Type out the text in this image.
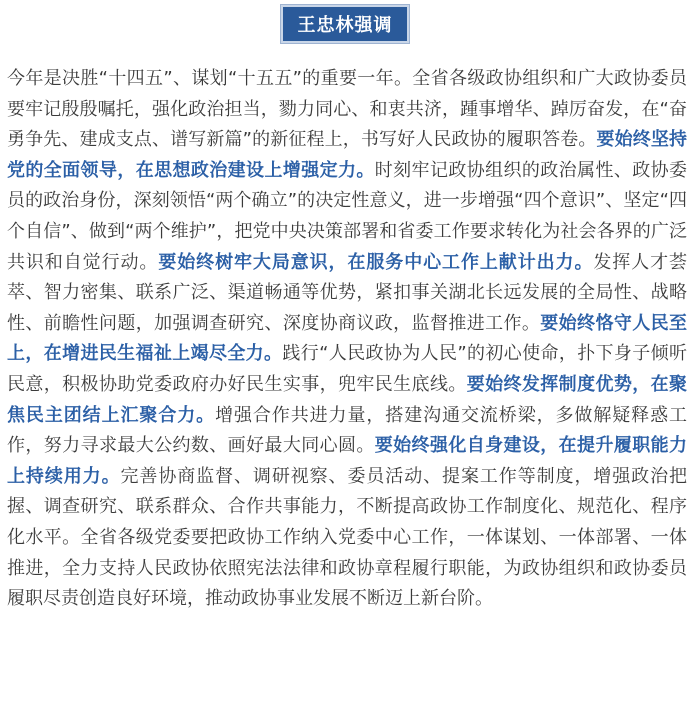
王忠林强调

今年是决胜“十四五”、谋划“十五五”的重要一年。全省各级政协组织和广大政协委员要牢记殷殷嘱托，强化政治担当，勠力同心、和衷共济，踵事增华、踔厉奋发，在“奋勇争先、建成支点、谱写新篇”的新征程上，书写好人民政协的履职答卷。要始终坚持党的全面领导，在思想政治建设上增强定力。时刻牢记政协组织的政治属性、政协委员的政治身份，深刻领悟“两个确立”的决定性意义，进一步增强“四个意识”、坚定“四个自信”、做到“两个维护”，把党中央决策部署和省委工作要求转化为社会各界的广泛共识和自觉行动。要始终树牢大局意识，在服务中心工作上献计出力。发挥人才荟萃、智力密集、联系广泛、渠道畅通等优势，紧扣事关湖北长远发展的全局性、战略性、前瞻性问题，加强调查研究、深度协商议政，监督推进工作。要始终恪守人民至上，在增进民生福祉上竭尽全力。践行“人民政协为人民”的初心使命，扑下身子倾听民意，积极协助党委政府办好民生实事，兜牢民生底线。要始终发挥制度优势，在聚焦民主团结上汇聚合力。增强合作共进力量，搭建沟通交流桥梁，多做解疑释惑工作，努力寻求最大公约数、画好最大同心圆。要始终强化自身建设，在提升履职能力上持续用力。完善协商监督、调研视察、委员活动、提案工作等制度，增强政治把握、调查研究、联系群众、合作共事能力，不断提高政协工作制度化、规范化、程序化水平。全省各级党委要把政协工作纳入党委中心工作，一体谋划、一体部署、一体推进，全力支持人民政协依照宪法法律和政协章程履行职能，为政协组织和政协委员履职尽责创造良好环境，推动政协事业发展不断迈上新台阶。
